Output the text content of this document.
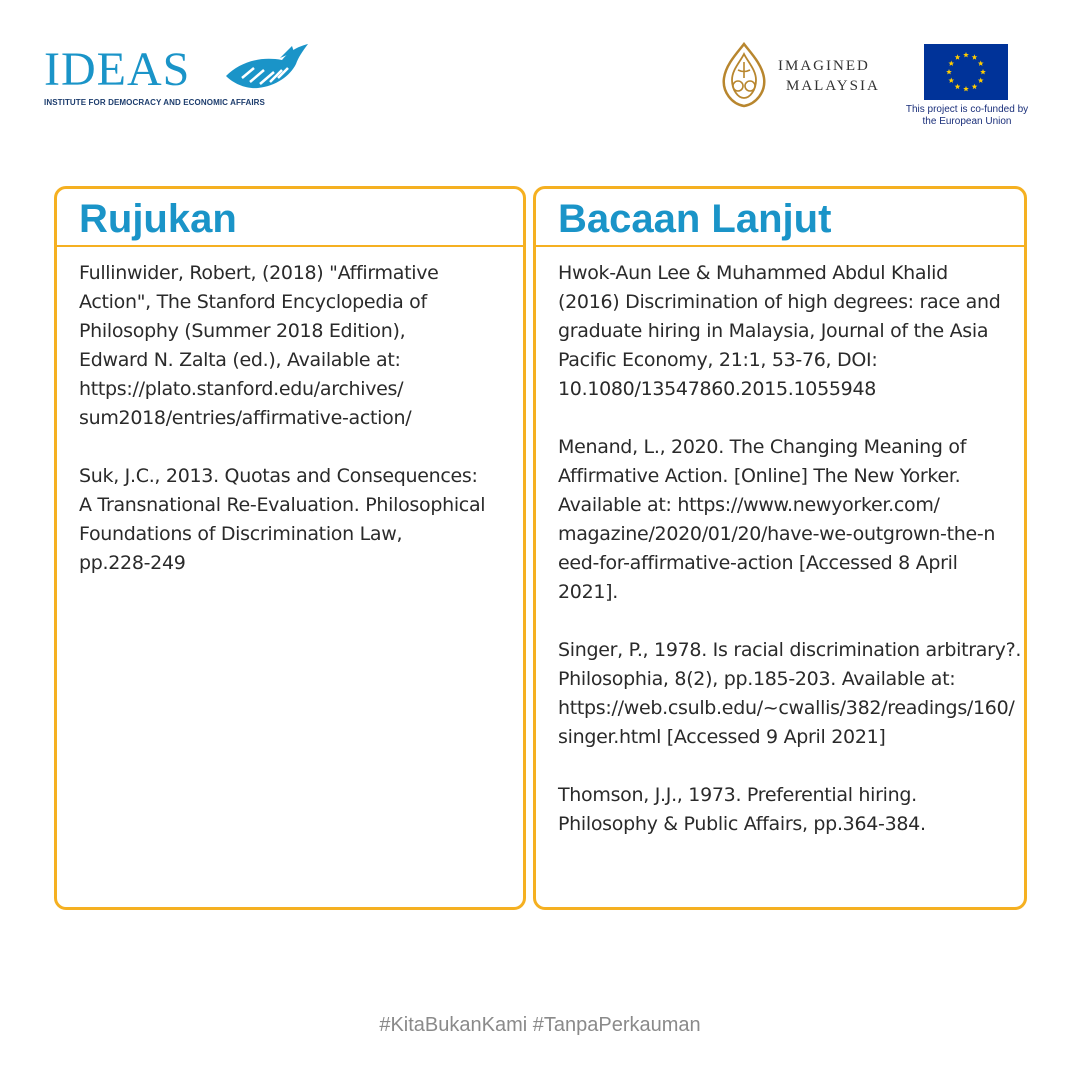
IDEAS
INSTITUTE FOR DEMOCRACY AND ECONOMIC AFFAIRS
IMAGINED
MALAYSIA
This project is co-funded by
the European Union
Rujukan
Fullinwider, Robert, (2018) "Affirmative
Action", The Stanford Encyclopedia of
Philosophy (Summer 2018 Edition),
Edward N. Zalta (ed.), Available at:
https://plato.stanford.edu/archives/
sum2018/entries/affirmative-action/
Suk, J.C., 2013. Quotas and Consequences:
A Transnational Re-Evaluation. Philosophical
Foundations of Discrimination Law,
pp.228-249
Bacaan Lanjut
Hwok-Aun Lee & Muhammed Abdul Khalid
(2016) Discrimination of high degrees: race and
graduate hiring in Malaysia, Journal of the Asia
Pacific Economy, 21:1, 53-76, DOI:
10.1080/13547860.2015.1055948
Menand, L., 2020. The Changing Meaning of
Affirmative Action. [Online] The New Yorker.
Available at: https://www.newyorker.com/
magazine/2020/01/20/have-we-outgrown-the-n
eed-for-affirmative-action [Accessed 8 April
2021].
Singer, P., 1978. Is racial discrimination arbitrary?.
Philosophia, 8(2), pp.185-203. Available at:
https://web.csulb.edu/~cwallis/382/readings/160/
singer.html [Accessed 9 April 2021]
Thomson, J.J., 1973. Preferential hiring.
Philosophy & Public Affairs, pp.364-384.
#KitaBukanKami #TanpaPerkauman
